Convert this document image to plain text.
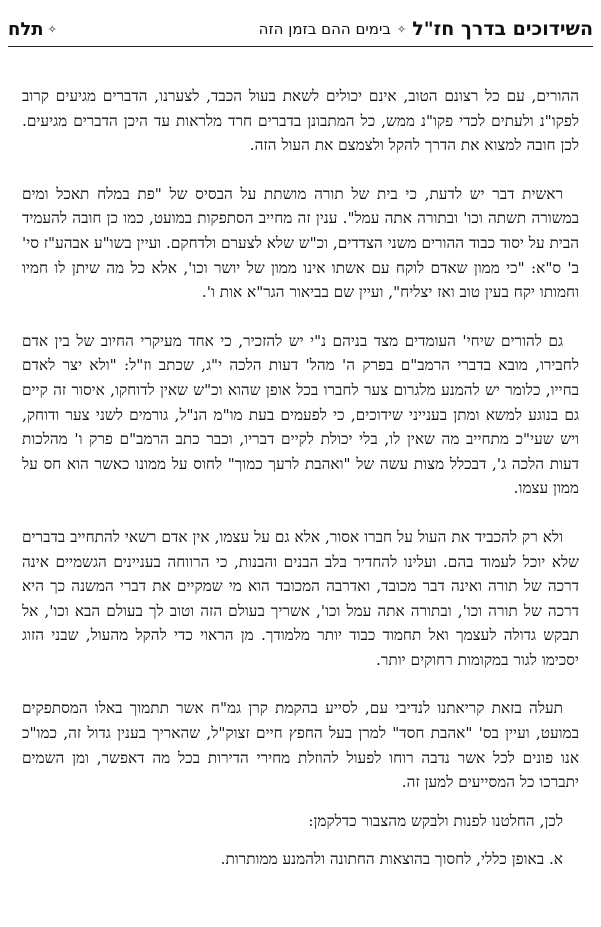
השידוכים בדרך חז"ל
✧
בימים ההם בזמן הזה
✧
תלח

ההורים, עם כל רצונם הטוב, אינם יכולים לשאת בעול הכבד, לצערנו, הדברים מגיעים קרוב לפקו"נ ולעתים לכדי פקו"נ ממש, כל המתבונן בדברים חרד מלראות עד היכן הדברים מגיעים. לכן חובה למצוא את הדרך להקל ולצמצם את העול הזה.

ראשית דבר יש לדעת, כי בית של תורה מושתת על הבסיס של "פת במלח תאכל ומים במשורה תשתה וכו' ובתורה אתה עמל". ענין זה מחייב הסתפקות במועט, כמו כן חובה להעמיד הבית על יסוד כבוד ההורים משני הצדדים, וכ"ש שלא לצערם ולדחקם. ועיין בשו"ע אבהע"ז סי' ב' ס"א: "כי ממון שאדם לוקח עם אשתו אינו ממון של יושר וכו', אלא כל מה שיתן לו חמיו וחמותו יקח בעין טוב ואז יצליח", ועיין שם בביאור הגר"א אות ו'.

גם להורים שיחי' העומדים מצד בניהם נ"י יש להזכיר, כי אחד מעיקרי החיוב של בין אדם לחבירו, מובא בדברי הרמב"ם בפרק ה' מהל' דעות הלכה י"ג, שכתב וז"ל: "ולא יצר לאדם בחייו, כלומר יש להמנע מלגרום צער לחברו בכל אופן שהוא וכ"ש שאין לדוחקו, איסור זה קיים גם בנוגע למשא ומתן בענייני שידוכים, כי לפעמים בעת מו"מ הנ"ל, גורמים לשני צער ודוחק, ויש שעי"כ מתחייב מה שאין לו, בלי יכולת לקיים דבריו, וכבר כתב הרמב"ם פרק ו' מהלכות דעות הלכה ג', דבכלל מצות עשה של "ואהבת לרעך כמוך" לחוס על ממונו כאשר הוא חס על ממון עצמו.

ולא רק להכביד את העול על חברו אסור, אלא גם על עצמו, אין אדם רשאי להתחייב בדברים שלא יוכל לעמוד בהם. ועלינו להחדיר בלב הבנים והבנות, כי הרווחה בעניינים הגשמיים אינה דרכה של תורה ואינה דבר מכובד, ואדרבה המכובד הוא מי שמקיים את דברי המשנה כך היא דרכה של תורה וכו', ובתורה אתה עמל וכו', אשריך בעולם הזה וטוב לך בעולם הבא וכו', אל תבקש גדולה לעצמך ואל תחמוד כבוד יותר מלמודך. מן הראוי כדי להקל מהעול, שבני הזוג יסכימו לגור במקומות רחוקים יותר.

תעלה בזאת קריאתנו לנדיבי עם, לסייע בהקמת קרן גמ"ח אשר תתמוך באלו המסתפקים במועט, ועיין בס' "אהבת חסד" למרן בעל החפץ חיים זצוק"ל, שהאריך בענין גדול זה, כמו"כ אנו פונים לכל אשר נדבה רוחו לפעול להוזלת מחירי הדירות בכל מה דאפשר, ומן השמים יתברכו כל המסייעים למען זה.

לכן, החלטנו לפנות ולבקש מהצבור כדלקמן:

א. באופן כללי, לחסוך בהוצאות החתונה ולהמנע ממותרות.
